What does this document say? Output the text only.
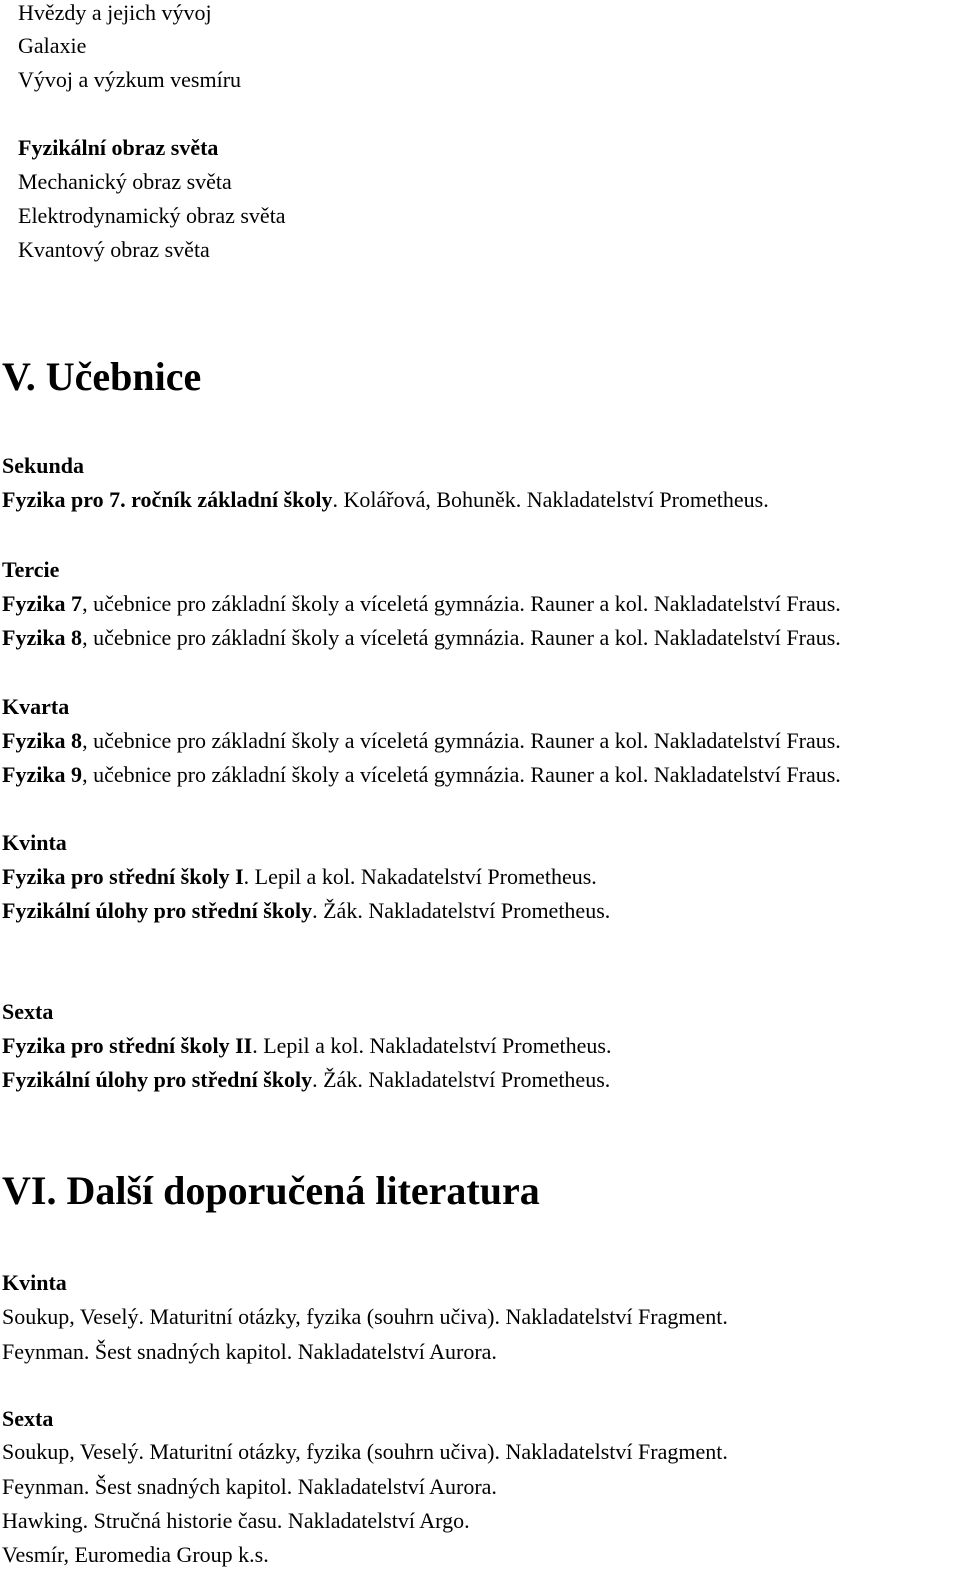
Hvězdy a jejich vývoj
Galaxie
Vývoj a výzkum vesmíru
Fyzikální obraz světa
Mechanický obraz světa
Elektrodynamický obraz světa
Kvantový obraz světa
V. Učebnice
Sekunda
Fyzika pro 7. ročník základní školy. Kolářová, Bohuněk. Nakladatelství Prometheus.
Tercie
Fyzika 7, učebnice pro základní školy a víceletá gymnázia. Rauner a kol. Nakladatelství Fraus.
Fyzika 8, učebnice pro základní školy a víceletá gymnázia. Rauner a kol. Nakladatelství Fraus.
Kvarta
Fyzika 8, učebnice pro základní školy a víceletá gymnázia. Rauner a kol. Nakladatelství Fraus.
Fyzika 9, učebnice pro základní školy a víceletá gymnázia. Rauner a kol. Nakladatelství Fraus.
Kvinta
Fyzika pro střední školy I. Lepil a kol. Nakadatelství Prometheus.
Fyzikální úlohy pro střední školy. Žák. Nakladatelství Prometheus.
Sexta
Fyzika pro střední školy II. Lepil a kol. Nakladatelství Prometheus.
Fyzikální úlohy pro střední školy. Žák. Nakladatelství Prometheus.
VI. Další doporučená literatura
Kvinta
Soukup, Veselý. Maturitní otázky, fyzika (souhrn učiva). Nakladatelství Fragment.
Feynman. Šest snadných kapitol. Nakladatelství Aurora.
Sexta
Soukup, Veselý. Maturitní otázky, fyzika (souhrn učiva). Nakladatelství Fragment.
Feynman. Šest snadných kapitol. Nakladatelství Aurora.
Hawking. Stručná historie času. Nakladatelství Argo.
Vesmír, Euromedia Group k.s.
